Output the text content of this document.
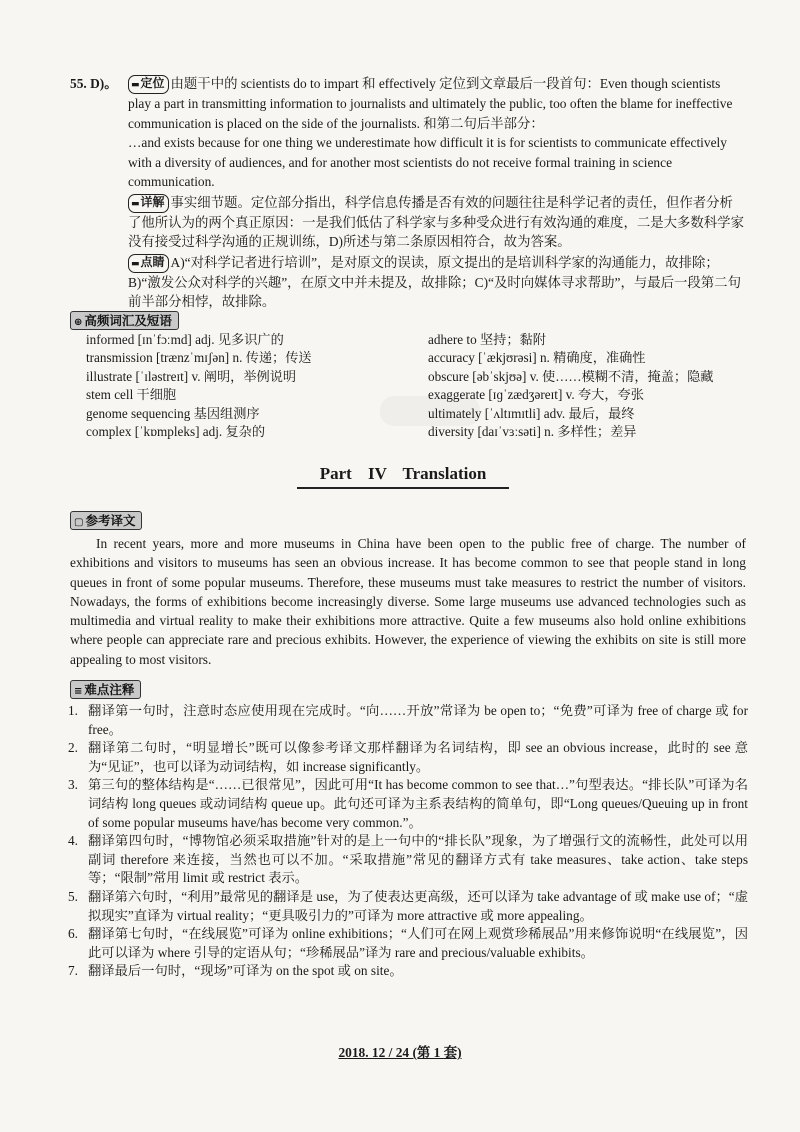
55. D)。 ▬定位 由题干中的 scientists do to impart 和 effectively 定位到文章最后一段首句：Even though scientists play a part in transmitting information to journalists and ultimately the public, too often the blame for ineffective communication is placed on the side of the journalists. 和第二句后半部分：
…and exists because for one thing we underestimate how difficult it is for scientists to communicate effectively with a diversity of audiences, and for another most scientists do not receive formal training in science communication.
▬详解 事实细节题。定位部分指出，科学信息传播是否有效的问题往往是科学记者的责任，但作者分析了他所认为的两个真正原因：一是我们低估了科学家与多种受众进行有效沟通的难度，二是大多数科学家没有接受过科学沟通的正规训练，D)所述与第二条原因相符合，故为答案。
▬点睛 A)“对科学记者进行培训”，是对原文的误读，原文提出的是培训科学家的沟通能力，故排除；B)“激发公众对科学的兴趣”，在原文中并未提及，故排除；C)“及时向媒体寻求帮助”，与最后一段第二句前半部分相悖，故排除。
⊕ 高频词汇及短语
informed [ɪnˈfɔːmd] adj. 见多识广的
transmission [trænzˈmɪʃən] n. 传递；传送
illustrate [ˈɪləstreɪt] v. 阐明，举例说明
stem cell 干细胞
genome sequencing 基因组测序
complex [ˈkɒmpleks] adj. 复杂的
adhere to 坚持；黏附
accuracy [ˈækjʊrəsi] n. 精确度，准确性
obscure [əbˈskjʊə] v. 使……模糊不清，掩盖；隐藏
exaggerate [ɪɡˈzædʒəreɪt] v. 夸大，夸张
ultimately [ˈʌltɪmɪtli] adv. 最后，最终
diversity [daɪˈvɜːsəti] n. 多样性；差异
Part IV Translation
▢ 参考译文

In recent years, more and more museums in China have been open to the public free of charge. The number of exhibitions and visitors to museums has seen an obvious increase. It has become common to see that people stand in long queues in front of some popular museums. Therefore, these museums must take measures to restrict the number of visitors. Nowadays, the forms of exhibitions become increasingly diverse. Some large museums use advanced technologies such as multimedia and virtual reality to make their exhibitions more attractive. Quite a few museums also hold online exhibitions where people can appreciate rare and precious exhibits. However, the experience of viewing the exhibits on site is still more appealing to most visitors.

≡ 难点注释
1. 翻译第一句时，注意时态应使用现在完成时。“向……开放”常译为 be open to；“免费”可译为 free of charge 或 for free。
2. 翻译第二句时，“明显增长”既可以像参考译文那样翻译为名词结构，即 see an obvious increase，此时的 see 意为“见证”，也可以译为动词结构，如 increase significantly。
3. 第三句的整体结构是“……已很常见”，因此可用“It has become common to see that…”句型表达。“排长队”可译为名词结构 long queues 或动词结构 queue up。此句还可译为主系表结构的简单句，即“Long queues/Queuing up in front of some popular museums have/has become very common.”。
4. 翻译第四句时，“博物馆必须采取措施”针对的是上一句中的“排长队”现象，为了增强行文的流畅性，此处可以用副词 therefore 来连接，当然也可以不加。“采取措施”常见的翻译方式有 take measures、take action、take steps 等；“限制”常用 limit 或 restrict 表示。
5. 翻译第六句时，“利用”最常见的翻译是 use，为了使表达更高级，还可以译为 take advantage of 或 make use of；“虚拟现实”直译为 virtual reality；“更具吸引力的”可译为 more attractive 或 more appealing。
6. 翻译第七句时，“在线展览”可译为 online exhibitions；“人们可在网上观赏珍稀展品”用来修饰说明“在线展览”，因此可以译为 where 引导的定语从句；“珍稀展品”译为 rare and precious/valuable exhibits。
7. 翻译最后一句时，“现场”可译为 on the spot 或 on site。
2018. 12 / 24 (第 1 套)
